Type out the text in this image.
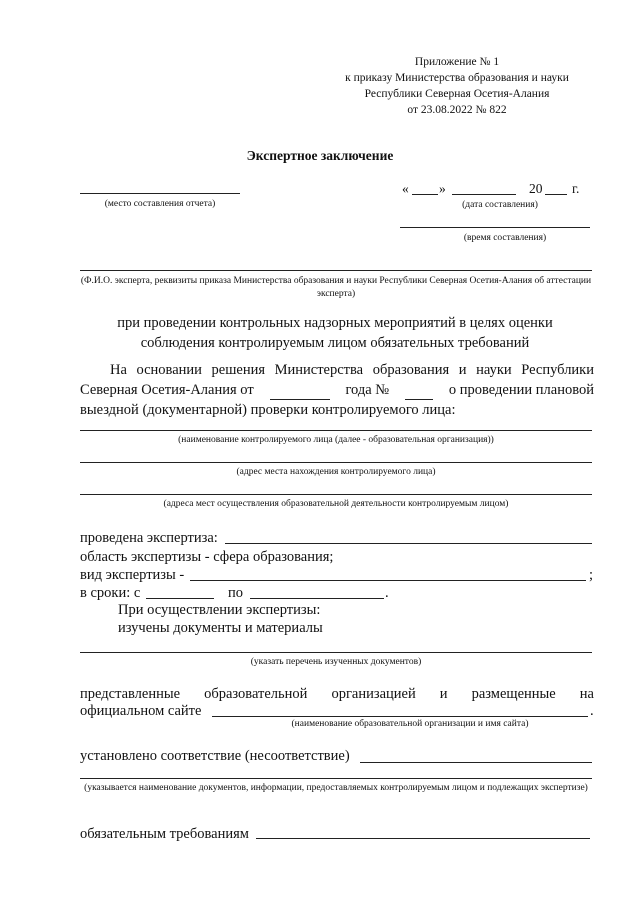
Приложение № 1
к приказу Министерства образования и науки
Республики Северная Осетия-Алания
от 23.08.2022 № 822
Экспертное заключение
(место составления отчета)
« »	20 г.
(дата составления)
(время составления)
(Ф.И.О. эксперта, реквизиты приказа Министерства образования и науки Республики Северная Осетия-Алания об аттестации эксперта)
при проведении контрольных надзорных мероприятий в целях оценки соблюдения контролируемым лицом обязательных требований
На основании решения Министерства образования и науки Республики
Северная Осетия-Алания от	года №	о проведении плановой
выездной (документарной) проверки контролируемого лица:
(наименование контролируемого лица (далее - образовательная организация))
(адрес места нахождения контролируемого лица)
(адреса мест осуществления образовательной деятельности контролируемым лицом)
проведена экспертиза:
область экспертизы - сфера образования;
вид экспертизы -	;
в сроки: с	по	.
При осуществлении экспертизы:
изучены документы и материалы
(указать перечень изученных документов)
представленные образовательной организацией и размещенные на
официальном сайте	.
(наименование образовательной организации и имя сайта)
установлено соответствие (несоответствие)
(указывается наименование документов, информации, предоставляемых контролируемым лицом и подлежащих экспертизе)
обязательным требованиям
